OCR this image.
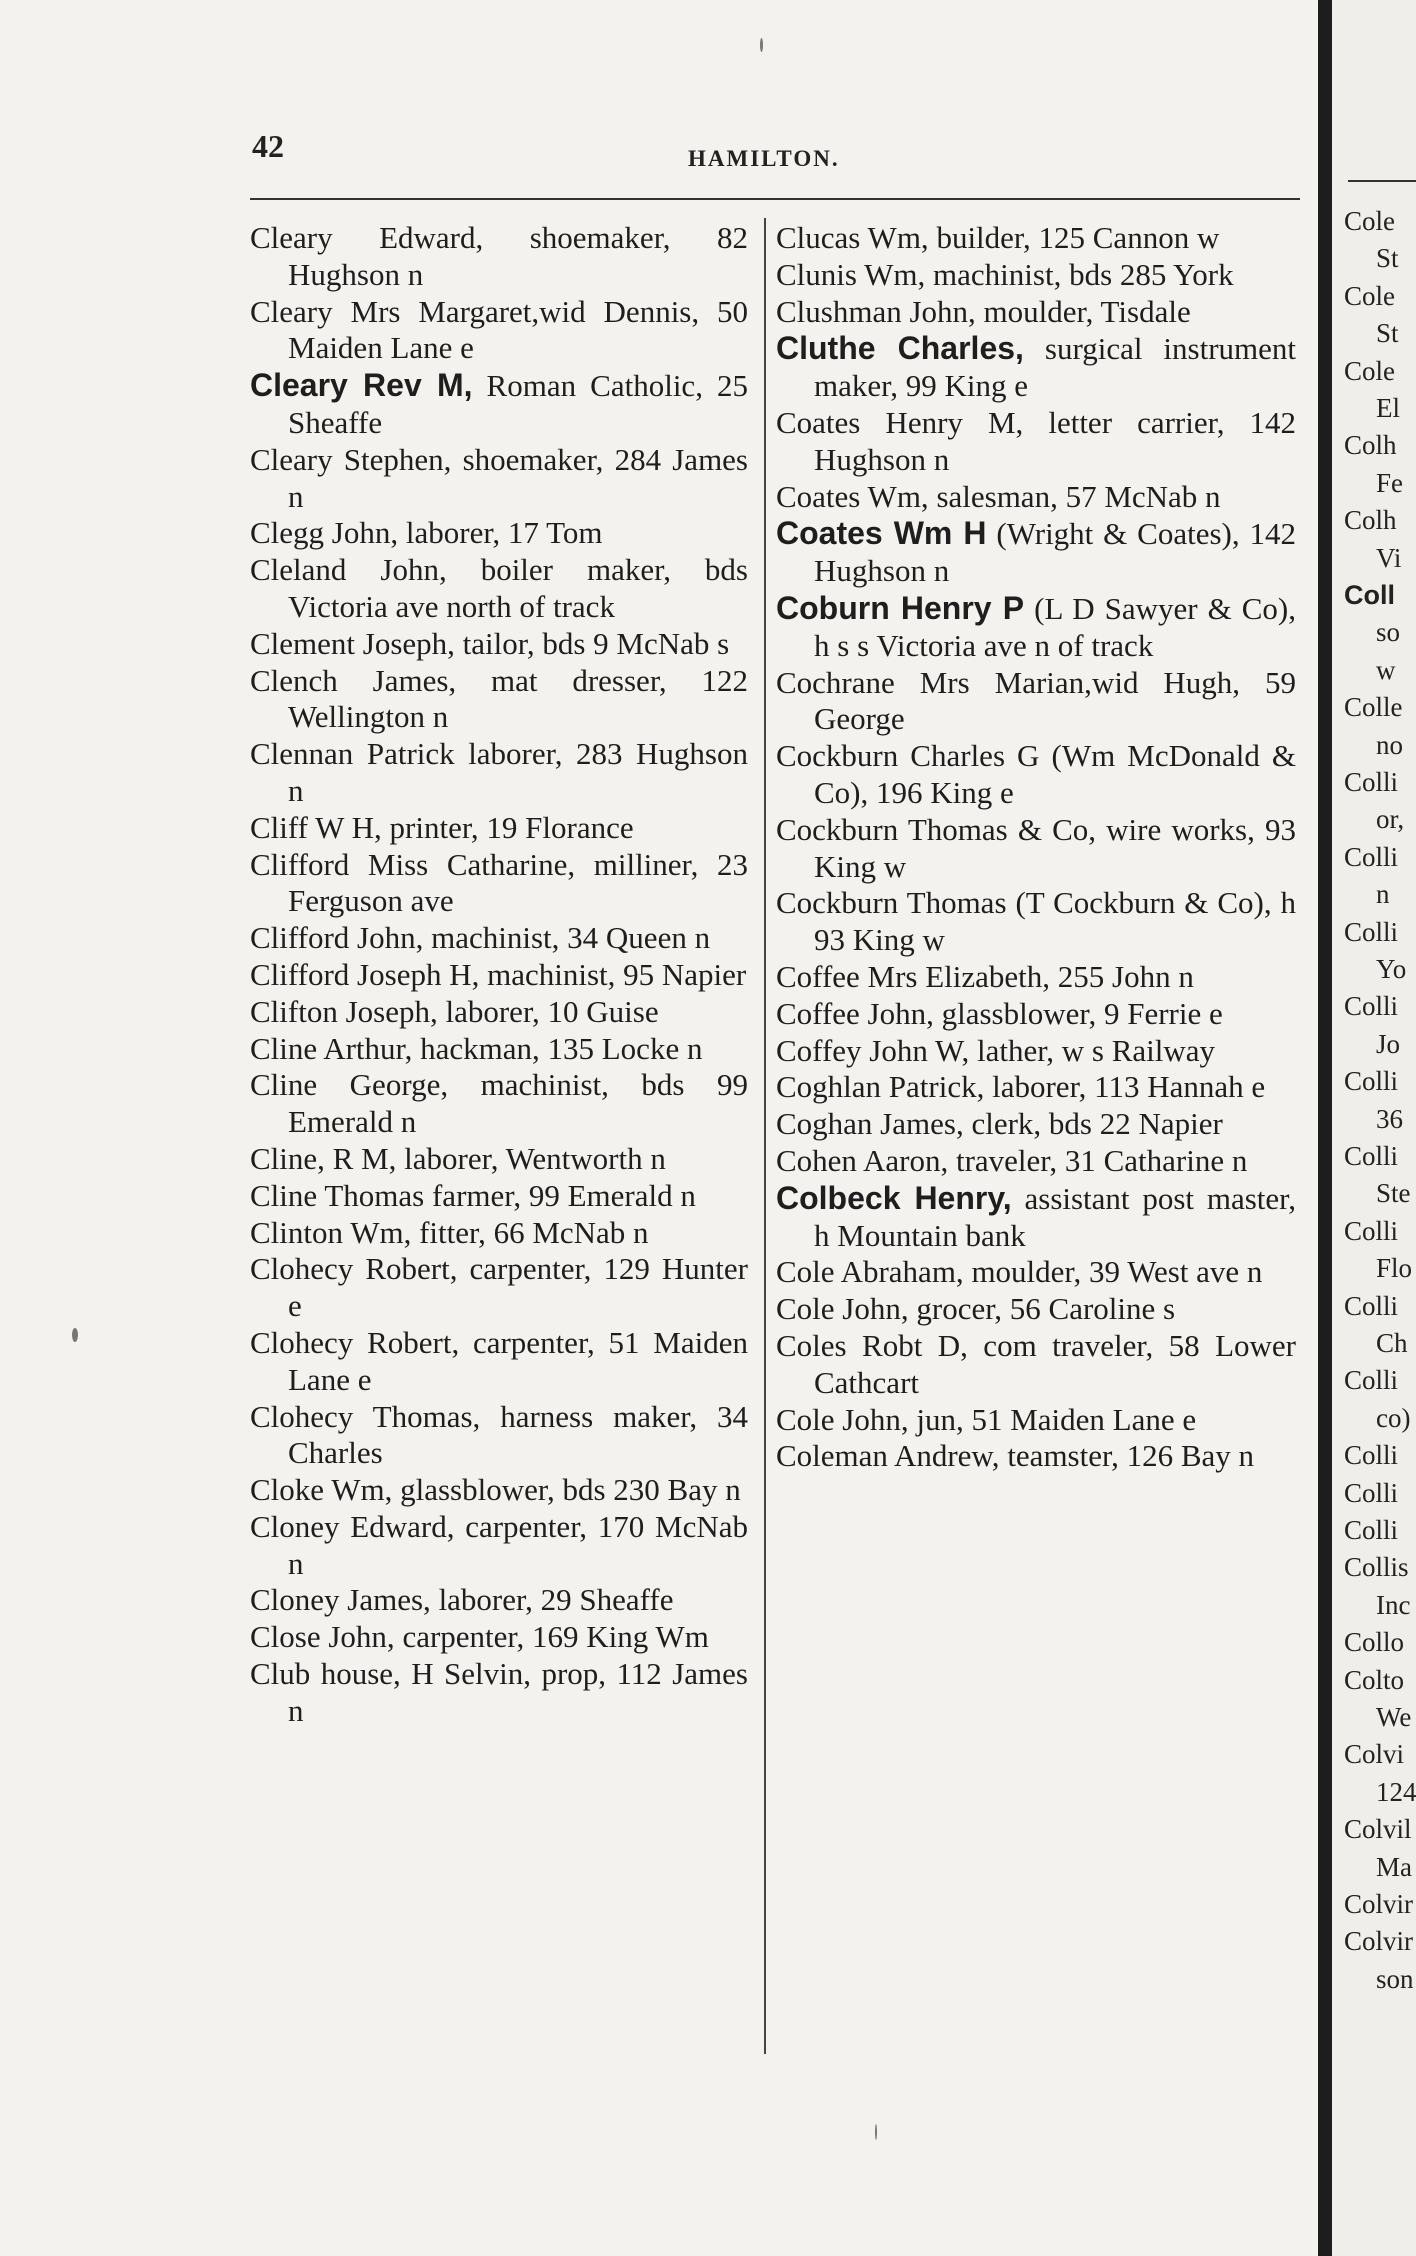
42	HAMILTON.

Cleary Edward, shoemaker, 82 Hughson n

Cleary Mrs Margaret,wid Dennis, 50 Maiden Lane e

Cleary Rev M, Roman Catholic, 25 Sheaffe

Cleary Stephen, shoemaker, 284 James n

Clegg John, laborer, 17 Tom

Cleland John, boiler maker, bds Victoria ave north of track

Clement Joseph, tailor, bds 9 McNab s

Clench James, mat dresser, 122 Wellington n

Clennan Patrick laborer, 283 Hughson n

Cliff W H, printer, 19 Florance

Clifford Miss Catharine, milliner, 23 Ferguson ave

Clifford John, machinist, 34 Queen n

Clifford Joseph H, machinist, 95 Napier

Clifton Joseph, laborer, 10 Guise

Cline Arthur, hackman, 135 Locke n

Cline George, machinist, bds 99 Emerald n

Cline, R M, laborer, Wentworth n

Cline Thomas farmer, 99 Emerald n

Clinton Wm, fitter, 66 McNab n

Clohecy Robert, carpenter, 129 Hunter e

Clohecy Robert, carpenter, 51 Maiden Lane e

Clohecy Thomas, harness maker, 34 Charles

Cloke Wm, glassblower, bds 230 Bay n

Cloney Edward, carpenter, 170 McNab n

Cloney James, laborer, 29 Sheaffe

Close John, carpenter, 169 King Wm

Club house, H Selvin, prop, 112 James n

Clucas Wm, builder, 125 Cannon w

Clunis Wm, machinist, bds 285 York

Clushman John, moulder, Tisdale

Cluthe Charles, surgical instrument maker, 99 King e

Coates Henry M, letter carrier, 142 Hughson n

Coates Wm, salesman, 57 McNab n

Coates Wm H (Wright & Coates), 142 Hughson n

Coburn Henry P (L D Sawyer & Co), h s s Victoria ave n of track

Cochrane Mrs Marian,wid Hugh, 59 George

Cockburn Charles G (Wm McDonald & Co), 196 King e

Cockburn Thomas & Co, wire works, 93 King w

Cockburn Thomas (T Cockburn & Co), h 93 King w

Coffee Mrs Elizabeth, 255 John n

Coffee John, glassblower, 9 Ferrie e

Coffey John W, lather, w s Railway

Coghlan Patrick, laborer, 113 Hannah e

Coghan James, clerk, bds 22 Napier

Cohen Aaron, traveler, 31 Catharine n

Colbeck Henry, assistant post master, h Mountain bank

Cole Abraham, moulder, 39 West ave n

Cole John, grocer, 56 Caroline s

Coles Robt D, com traveler, 58 Lower Cathcart

Cole John, jun, 51 Maiden Lane e

Coleman Andrew, teamster, 126 Bay n

Cole
St
Cole
St
Cole
El
Colh
Fe
Colh
Vi
Coll
so
w
Colle
no
Colli
or,
Colli
n
Colli
Yo
Colli
Jo
Colli
36
Colli
Ste
Colli
Flo
Colli
Ch
Colli
co)
Colli
Colli
Colli
Collis
Inc
Collo
Colto
We
Colvi
124
Colvil
Ma
Colvir
Colvir
son
